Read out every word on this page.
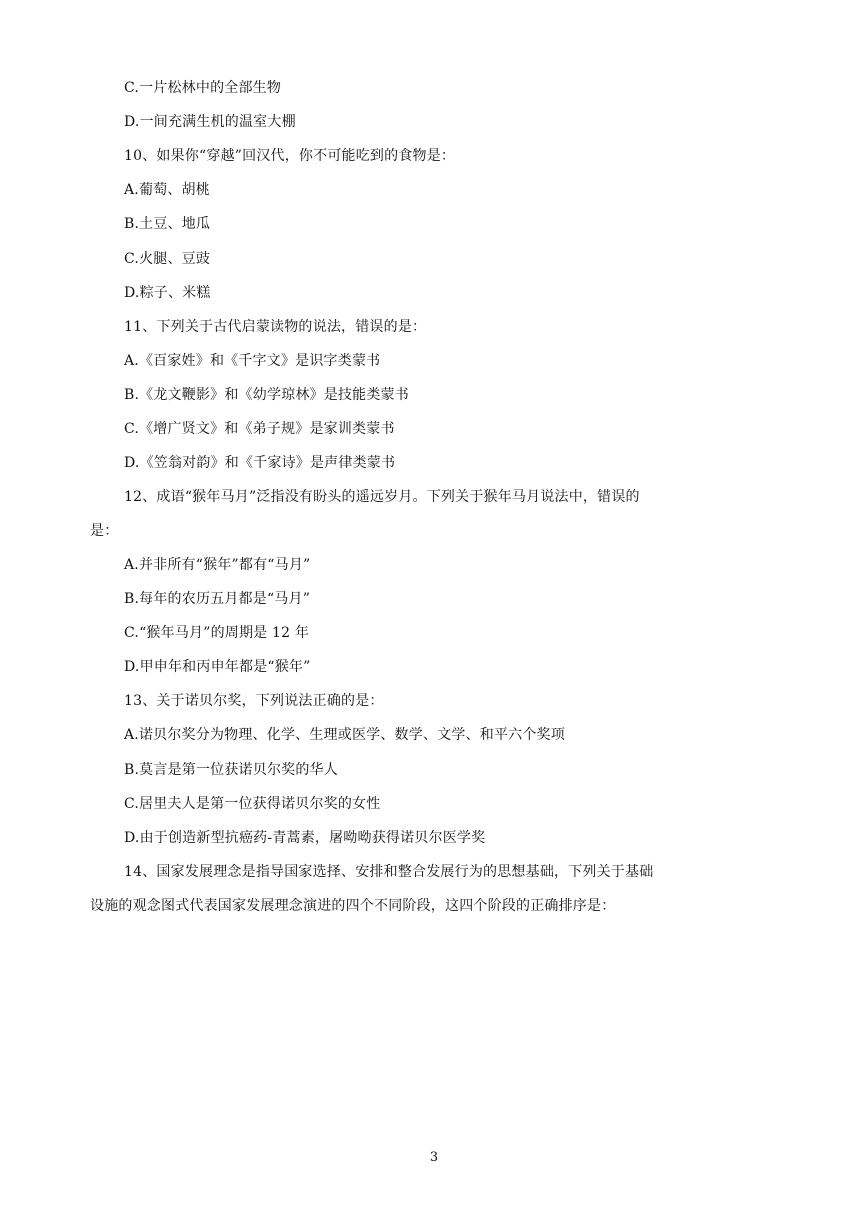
C.一片松林中的全部生物
D.一间充满生机的温室大棚
10、如果你“穿越”回汉代，你不可能吃到的食物是：
A.葡萄、胡桃
B.土豆、地瓜
C.火腿、豆豉
D.粽子、米糕
11、下列关于古代启蒙读物的说法，错误的是：
A.《百家姓》和《千字文》是识字类蒙书
B.《龙文鞭影》和《幼学琼林》是技能类蒙书
C.《增广贤文》和《弟子规》是家训类蒙书
D.《笠翁对韵》和《千家诗》是声律类蒙书
12、成语“猴年马月”泛指没有盼头的遥远岁月。下列关于猴年马月说法中，错误的
是：
A.并非所有“猴年”都有“马月”
B.每年的农历五月都是“马月”
C.“猴年马月”的周期是 12 年
D.甲申年和丙申年都是“猴年”
13、关于诺贝尔奖，下列说法正确的是：
A.诺贝尔奖分为物理、化学、生理或医学、数学、文学、和平六个奖项
B.莫言是第一位获诺贝尔奖的华人
C.居里夫人是第一位获得诺贝尔奖的女性
D.由于创造新型抗癌药-青蒿素，屠呦呦获得诺贝尔医学奖
14、国家发展理念是指导国家选择、安排和整合发展行为的思想基础，下列关于基础
设施的观念图式代表国家发展理念演进的四个不同阶段，这四个阶段的正确排序是：
3
